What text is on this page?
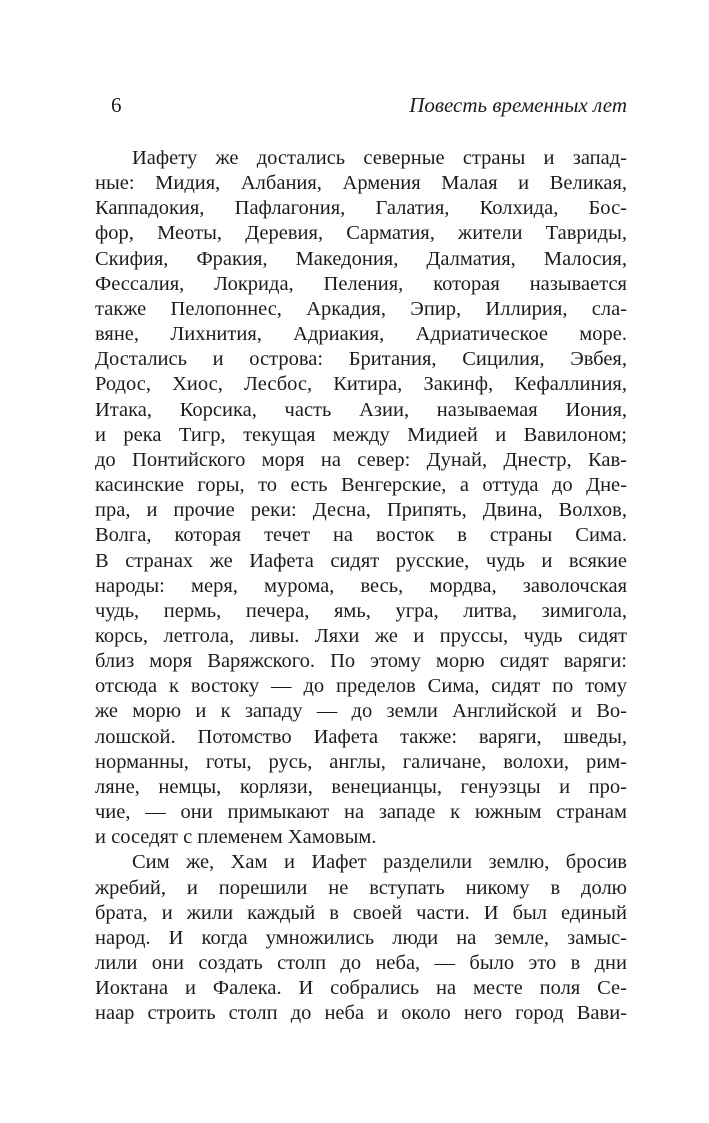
6	Повесть временных лет
Иафету же достались северные страны и запад-
ные: Мидия, Албания, Армения Малая и Великая,
Каппадокия, Пафлагония, Галатия, Колхида, Бос-
фор, Меоты, Деревия, Сарматия, жители Тавриды,
Скифия, Фракия, Македония, Далматия, Малосия,
Фессалия, Локрида, Пеления, которая называется
также Пелопоннес, Аркадия, Эпир, Иллирия, сла-
вяне, Лихнития, Адриакия, Адриатическое море.
Достались и острова: Британия, Сицилия, Эвбея,
Родос, Хиос, Лесбос, Китира, Закинф, Кефаллиния,
Итака, Корсика, часть Азии, называемая Иония,
и река Тигр, текущая между Мидией и Вавилоном;
до Понтийского моря на север: Дунай, Днестр, Кав-
касинские горы, то есть Венгерские, а оттуда до Дне-
пра, и прочие реки: Десна, Припять, Двина, Волхов,
Волга, которая течет на восток в страны Сима.
В странах же Иафета сидят русские, чудь и всякие
народы: меря, мурома, весь, мордва, заволочская
чудь, пермь, печера, ямь, угра, литва, зимигола,
корсь, летгола, ливы. Ляхи же и пруссы, чудь сидят
близ моря Варяжского. По этому морю сидят варяги:
отсюда к востоку — до пределов Сима, сидят по тому
же морю и к западу — до земли Английской и Во-
лошской. Потомство Иафета также: варяги, шведы,
норманны, готы, русь, англы, галичане, волохи, рим-
ляне, немцы, корлязи, венецианцы, генуэзцы и про-
чие, — они примыкают на западе к южным странам
и соседят с племенем Хамовым.
Сим же, Хам и Иафет разделили землю, бросив
жребий, и порешили не вступать никому в долю
брата, и жили каждый в своей части. И был единый
народ. И когда умножились люди на земле, замыс-
лили они создать столп до неба, — было это в дни
Иоктана и Фалека. И собрались на месте поля Се-
наар строить столп до неба и около него город Вави-
